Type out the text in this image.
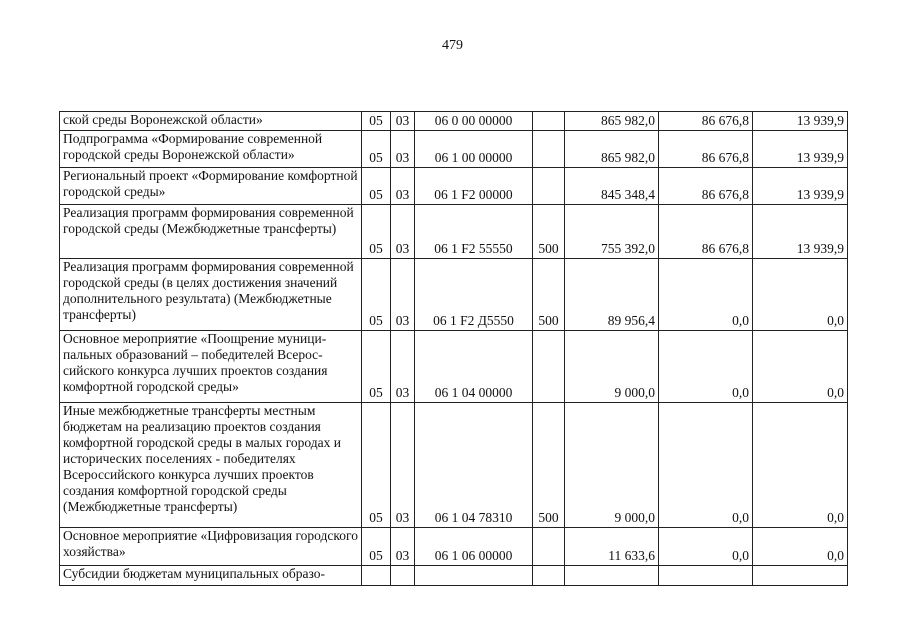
479
ской среды Воронежской области»	05	03	06 0 00 00000		865 982,0	86 676,8	13 939,9
Подпрограмма «Формирование современной городской среды Воронежской области»	05	03	06 1 00 00000		865 982,0	86 676,8	13 939,9
Региональный проект «Формирование комфортной городской среды»	05	03	06 1 F2 00000		845 348,4	86 676,8	13 939,9
Реализация программ формирования современной городской среды (Межбюджетные трансферты)	05	03	06 1 F2 55550	500	755 392,0	86 676,8	13 939,9
Реализация программ формирования современной городской среды (в целях достижения значений дополнительного результата) (Межбюджетные трансферты)	05	03	06 1 F2 Д5550	500	89 956,4	0,0	0,0
Основное мероприятие «Поощрение муниципальных образований – победителей Всероссийского конкурса лучших проектов создания комфортной городской среды»	05	03	06 1 04 00000		9 000,0	0,0	0,0
Иные межбюджетные трансферты местным бюджетам на реализацию проектов создания комфортной городской среды в малых городах и исторических поселениях - победителях Всероссийского конкурса лучших проектов создания комфортной городской среды (Межбюджетные трансферты)	05	03	06 1 04 78310	500	9 000,0	0,0	0,0
Основное мероприятие «Цифровизация городского хозяйства»	05	03	06 1 06 00000		11 633,6	0,0	0,0
Субсидии бюджетам муниципальных образо-							
